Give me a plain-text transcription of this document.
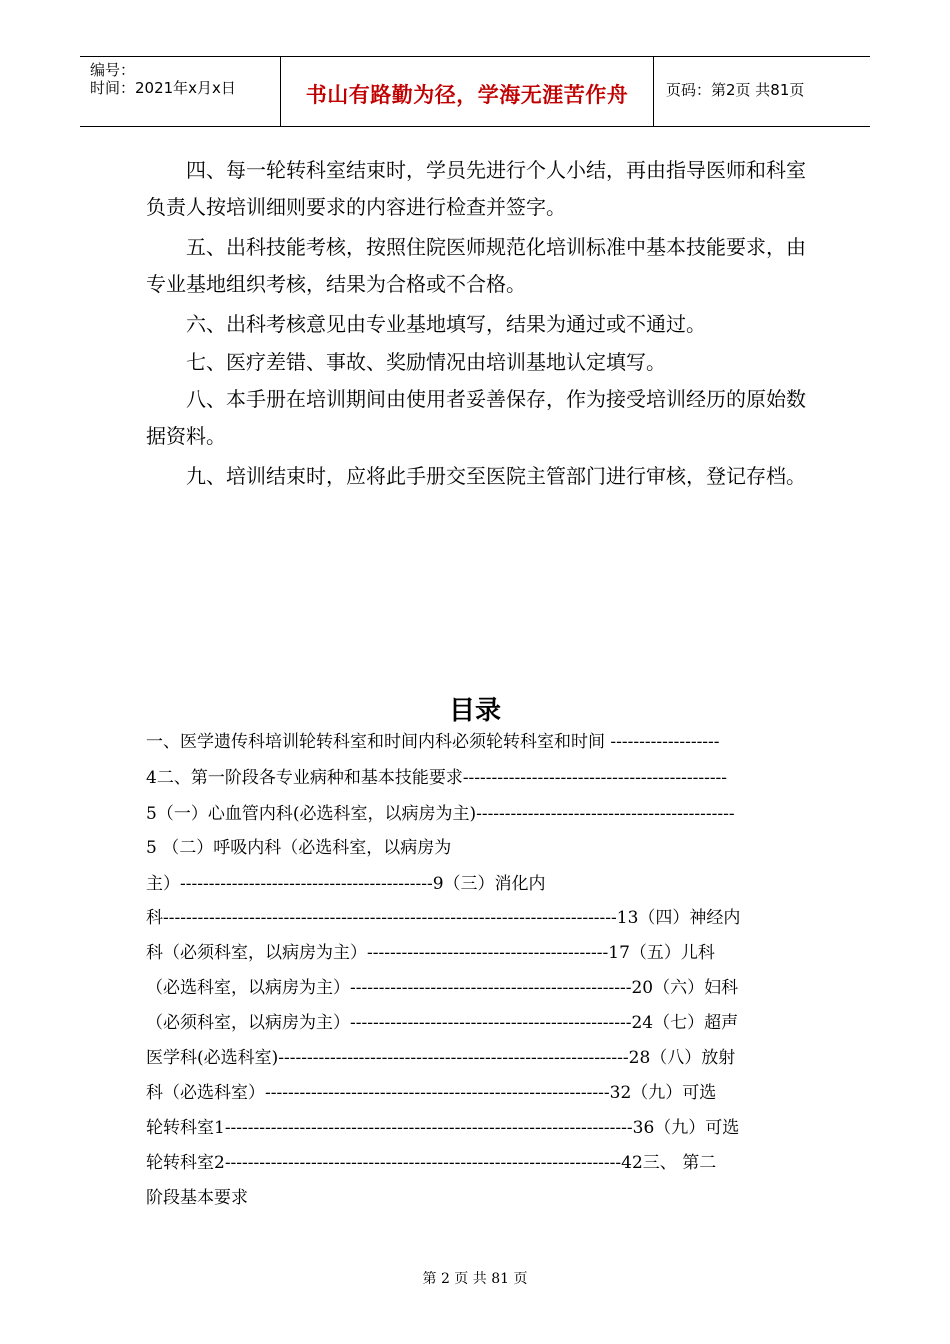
编号：
时间：2021年x月x日	书山有路勤为径，学海无涯苦作舟	页码：第2页 共81页

四、每一轮转科室结束时，学员先进行个人小结，再由指导医师和科室负责人按培训细则要求的内容进行检查并签字。

五、出科技能考核，按照住院医师规范化培训标准中基本技能要求，由专业基地组织考核，结果为合格或不合格。

六、出科考核意见由专业基地填写，结果为通过或不通过。

七、医疗差错、事故、奖励情况由培训基地认定填写。

八、本手册在培训期间由使用者妥善保存，作为接受培训经历的原始数据资料。

九、培训结束时，应将此手册交至医院主管部门进行审核，登记存档。

目录
一、医学遗传科培训轮转科室和时间内科必须轮转科室和时间 -------------------
4二、第一阶段各专业病种和基本技能要求----------------------------------------------
5（一）心血管内科(必选科室，以病房为主)---------------------------------------------
5 （二）呼吸内科（必选科室，以病房为
主）--------------------------------------------9（三）消化内
科-------------------------------------------------------------------------------13（四）神经内
科（必须科室，以病房为主）------------------------------------------17（五）儿科
（必选科室，以病房为主）-------------------------------------------------20（六）妇科
（必须科室，以病房为主）-------------------------------------------------24（七）超声
医学科(必选科室)-------------------------------------------------------------28（八）放射
科（必选科室）------------------------------------------------------------32（九）可选
轮转科室1-----------------------------------------------------------------------36（九）可选
轮转科室2---------------------------------------------------------------------42三、 第二
阶段基本要求
第 2 页 共 81 页
